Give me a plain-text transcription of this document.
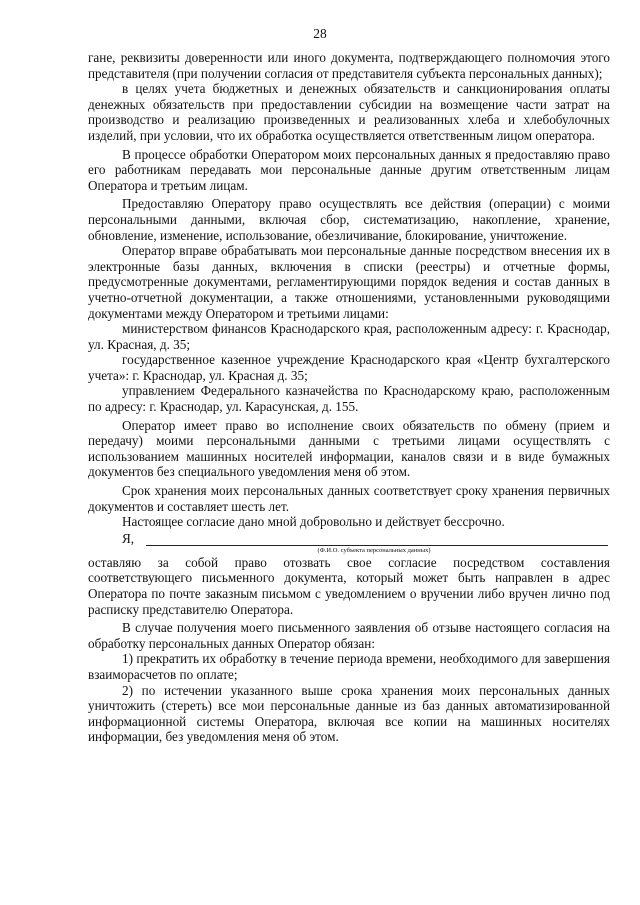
28

гане, реквизиты доверенности или иного документа, подтверждающего полномочия этого представителя (при получении согласия от представителя субъекта персональных данных);

в целях учета бюджетных и денежных обязательств и санкционирования оплаты денежных обязательств при предоставлении субсидии на возмещение части затрат на производство и реализацию произведенных и реализованных хлеба и хлебобулочных изделий, при условии, что их обработка осуществляется ответственным лицом оператора.

В процессе обработки Оператором моих персональных данных я предоставляю право его работникам передавать мои персональные данные другим ответственным лицам Оператора и третьим лицам.

Предоставляю Оператору право осуществлять все действия (операции) с моими персональными данными, включая сбор, систематизацию, накопление, хранение, обновление, изменение, использование, обезличивание, блокирование, уничтожение.

Оператор вправе обрабатывать мои персональные данные посредством внесения их в электронные базы данных, включения в списки (реестры) и отчетные формы, предусмотренные документами, регламентирующими порядок ведения и состав данных в учетно-отчетной документации, а также отношениями, установленными руководящими документами между Оператором и третьими лицами:

министерством финансов Краснодарского края, расположенным адресу: г. Краснодар, ул. Красная, д. 35;

государственное казенное учреждение Краснодарского края «Центр бухгалтерского учета»: г. Краснодар, ул. Красная д. 35;

управлением Федерального казначейства по Краснодарскому краю, расположенным по адресу: г. Краснодар, ул. Карасунская, д. 155.

Оператор имеет право во исполнение своих обязательств по обмену (прием и передачу) моими персональными данными с третьими лицами осуществлять с использованием машинных носителей информации, каналов связи и в виде бумажных документов без специального уведомления меня об этом.

Срок хранения моих персональных данных соответствует сроку хранения первичных документов и составляет шесть лет.

Настоящее согласие дано мной добровольно и действует бессрочно.

Я,

(Ф.И.О. субъекта персональных данных)

оставляю за собой право отозвать свое согласие посредством составления соответствующего письменного документа, который может быть направлен в адрес Оператора по почте заказным письмом с уведомлением о вручении либо вручен лично под расписку представителю Оператора.

В случае получения моего письменного заявления об отзыве настоящего согласия на обработку персональных данных Оператор обязан:

1) прекратить их обработку в течение периода времени, необходимого для завершения взаиморасчетов по оплате;

2) по истечении указанного выше срока хранения моих персональных данных уничтожить (стереть) все мои персональные данные из баз данных автоматизированной информационной системы Оператора, включая все копии на машинных носителях информации, без уведомления меня об этом.
